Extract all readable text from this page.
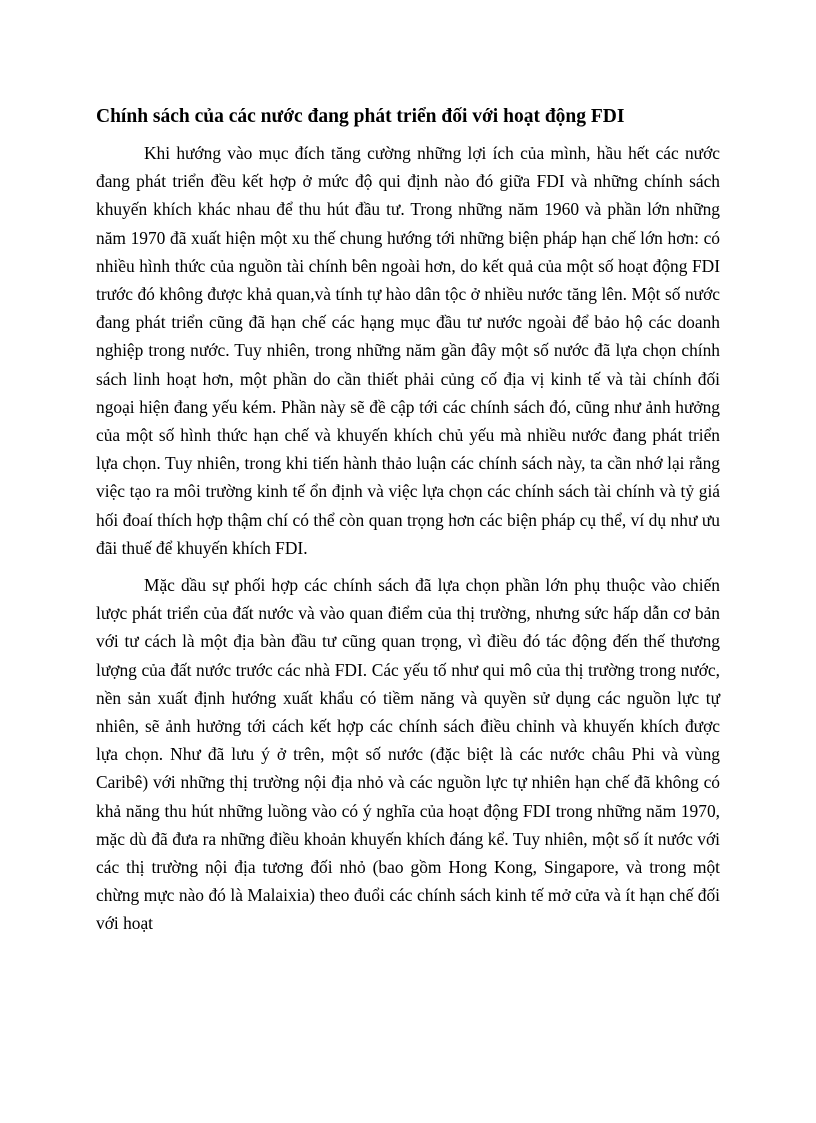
Chính sách của các nước đang phát triển đối với hoạt động FDI

Khi hướng vào mục đích tăng cường những lợi ích của mình, hầu hết các nước đang phát triển đều kết hợp ở mức độ qui định nào đó giữa FDI và những chính sách khuyến khích khác nhau để thu hút đầu tư. Trong những năm 1960 và phần lớn những năm 1970 đã xuất hiện một xu thế chung hướng tới những biện pháp hạn chế lớn hơn: có nhiều hình thức của nguồn tài chính bên ngoài hơn, do kết quả của một số hoạt động FDI trước đó không được khả quan,và tính tự hào dân tộc ở nhiều nước tăng lên. Một số nước đang phát triển cũng đã hạn chế các hạng mục đầu tư nước ngoài để bảo hộ các doanh nghiệp trong nước. Tuy nhiên, trong những năm gần đây một số nước đã lựa chọn chính sách linh hoạt hơn, một phần do cần thiết phải củng cố địa vị kinh tế và tài chính đối ngoại hiện đang yếu kém. Phần này sẽ đề cập tới các chính sách đó, cũng như ảnh hưởng của một số hình thức hạn chế và khuyến khích chủ yếu mà nhiều nước đang phát triển lựa chọn. Tuy nhiên, trong khi tiến hành thảo luận các chính sách này, ta cần nhớ lại rằng việc tạo ra môi trường kinh tế ổn định và việc lựa chọn các chính sách tài chính và tỷ giá hối đoaí thích hợp thậm chí có thể còn quan trọng hơn các biện pháp cụ thể, ví dụ như ưu đãi thuế để khuyến khích FDI.

Mặc dầu sự phối hợp các chính sách đã lựa chọn phần lớn phụ thuộc vào chiến lược phát triển của đất nước và vào quan điểm của thị trường, nhưng sức hấp dẫn cơ bản với tư cách là một địa bàn đầu tư cũng quan trọng, vì điều đó tác động đến thế thương lượng của đất nước trước các nhà FDI. Các yếu tố như qui mô của thị trường trong nước, nền sản xuất định hướng xuất khẩu có tiềm năng và quyền sử dụng các nguồn lực tự nhiên, sẽ ảnh hưởng tới cách kết hợp các chính sách điều chỉnh và khuyến khích được lựa chọn. Như đã lưu ý ở trên, một số nước (đặc biệt là các nước châu Phi và vùng Caribê) với những thị trường nội địa nhỏ và các nguồn lực tự nhiên hạn chế đã không có khả năng thu hút những luồng vào có ý nghĩa của hoạt động FDI trong những năm 1970, mặc dù đã đưa ra những điều khoản khuyến khích đáng kể. Tuy nhiên, một số ít nước với các thị trường nội địa tương đối nhỏ (bao gồm Hong Kong, Singapore, và trong một chừng mực nào đó là Malaixia) theo đuổi các chính sách kinh tế mở cửa và ít hạn chế đối với hoạt
